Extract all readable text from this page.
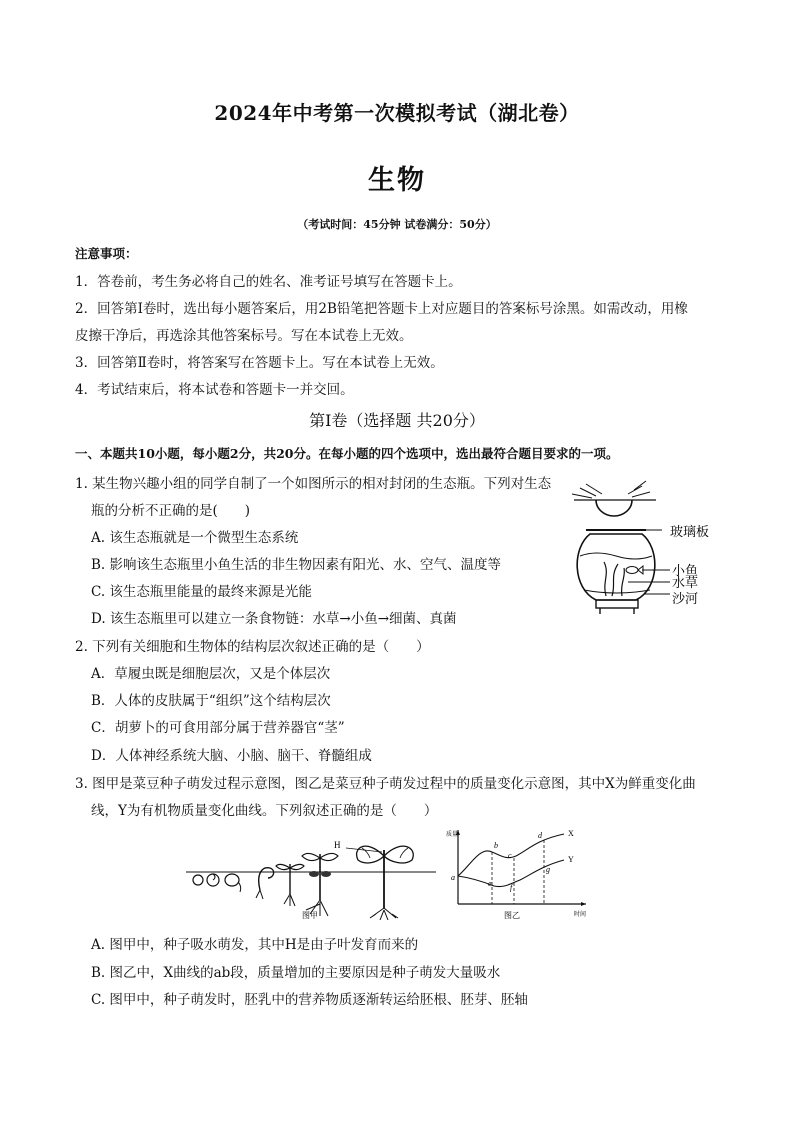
2024年中考第一次模拟考试（湖北卷）
生物
（考试时间：45分钟 试卷满分：50分）
注意事项：
1．答卷前，考生务必将自己的姓名、准考证号填写在答题卡上。
2．回答第Ⅰ卷时，选出每小题答案后，用2B铅笔把答题卡上对应题目的答案标号涂黑。如需改动，用橡
皮擦干净后，再选涂其他答案标号。写在本试卷上无效。
3．回答第Ⅱ卷时，将答案写在答题卡上。写在本试卷上无效。
4．考试结束后，将本试卷和答题卡一并交回。
第Ⅰ卷（选择题 共20分）
一、本题共10小题，每小题2分，共20分。在每小题的四个选项中，选出最符合题目要求的一项。
1. 某生物兴趣小组的同学自制了一个如图所示的相对封闭的生态瓶。下列对生态
瓶的分析不正确的是(　　)
A. 该生态瓶就是一个微型生态系统
B. 影响该生态瓶里小鱼生活的非生物因素有阳光、水、空气、温度等
C. 该生态瓶里能量的最终来源是光能
D. 该生态瓶里可以建立一条食物链：水草→小鱼→细菌、真菌
玻璃板
小鱼
水草
沙河
2. 下列有关细胞和生物体的结构层次叙述正确的是（　　）
A．草履虫既是细胞层次，又是个体层次
B．人体的皮肤属于“组织”这个结构层次
C．胡萝卜的可食用部分属于营养器官“茎”
D．人体神经系统大脑、小脑、脑干、脊髓组成
3. 图甲是菜豆种子萌发过程示意图，图乙是菜豆种子萌发过程中的质量变化示意图，其中X为鲜重变化曲
线，Y为有机物质量变化曲线。下列叙述正确的是（　　）
H
图甲
质量
时间
X
Y
a
b
c
d
e f
g
图乙
A. 图甲中，种子吸水萌发，其中H是由子叶发育而来的
B. 图乙中，X曲线的ab段，质量增加的主要原因是种子萌发大量吸水
C. 图甲中，种子萌发时，胚乳中的营养物质逐渐转运给胚根、胚芽、胚轴
